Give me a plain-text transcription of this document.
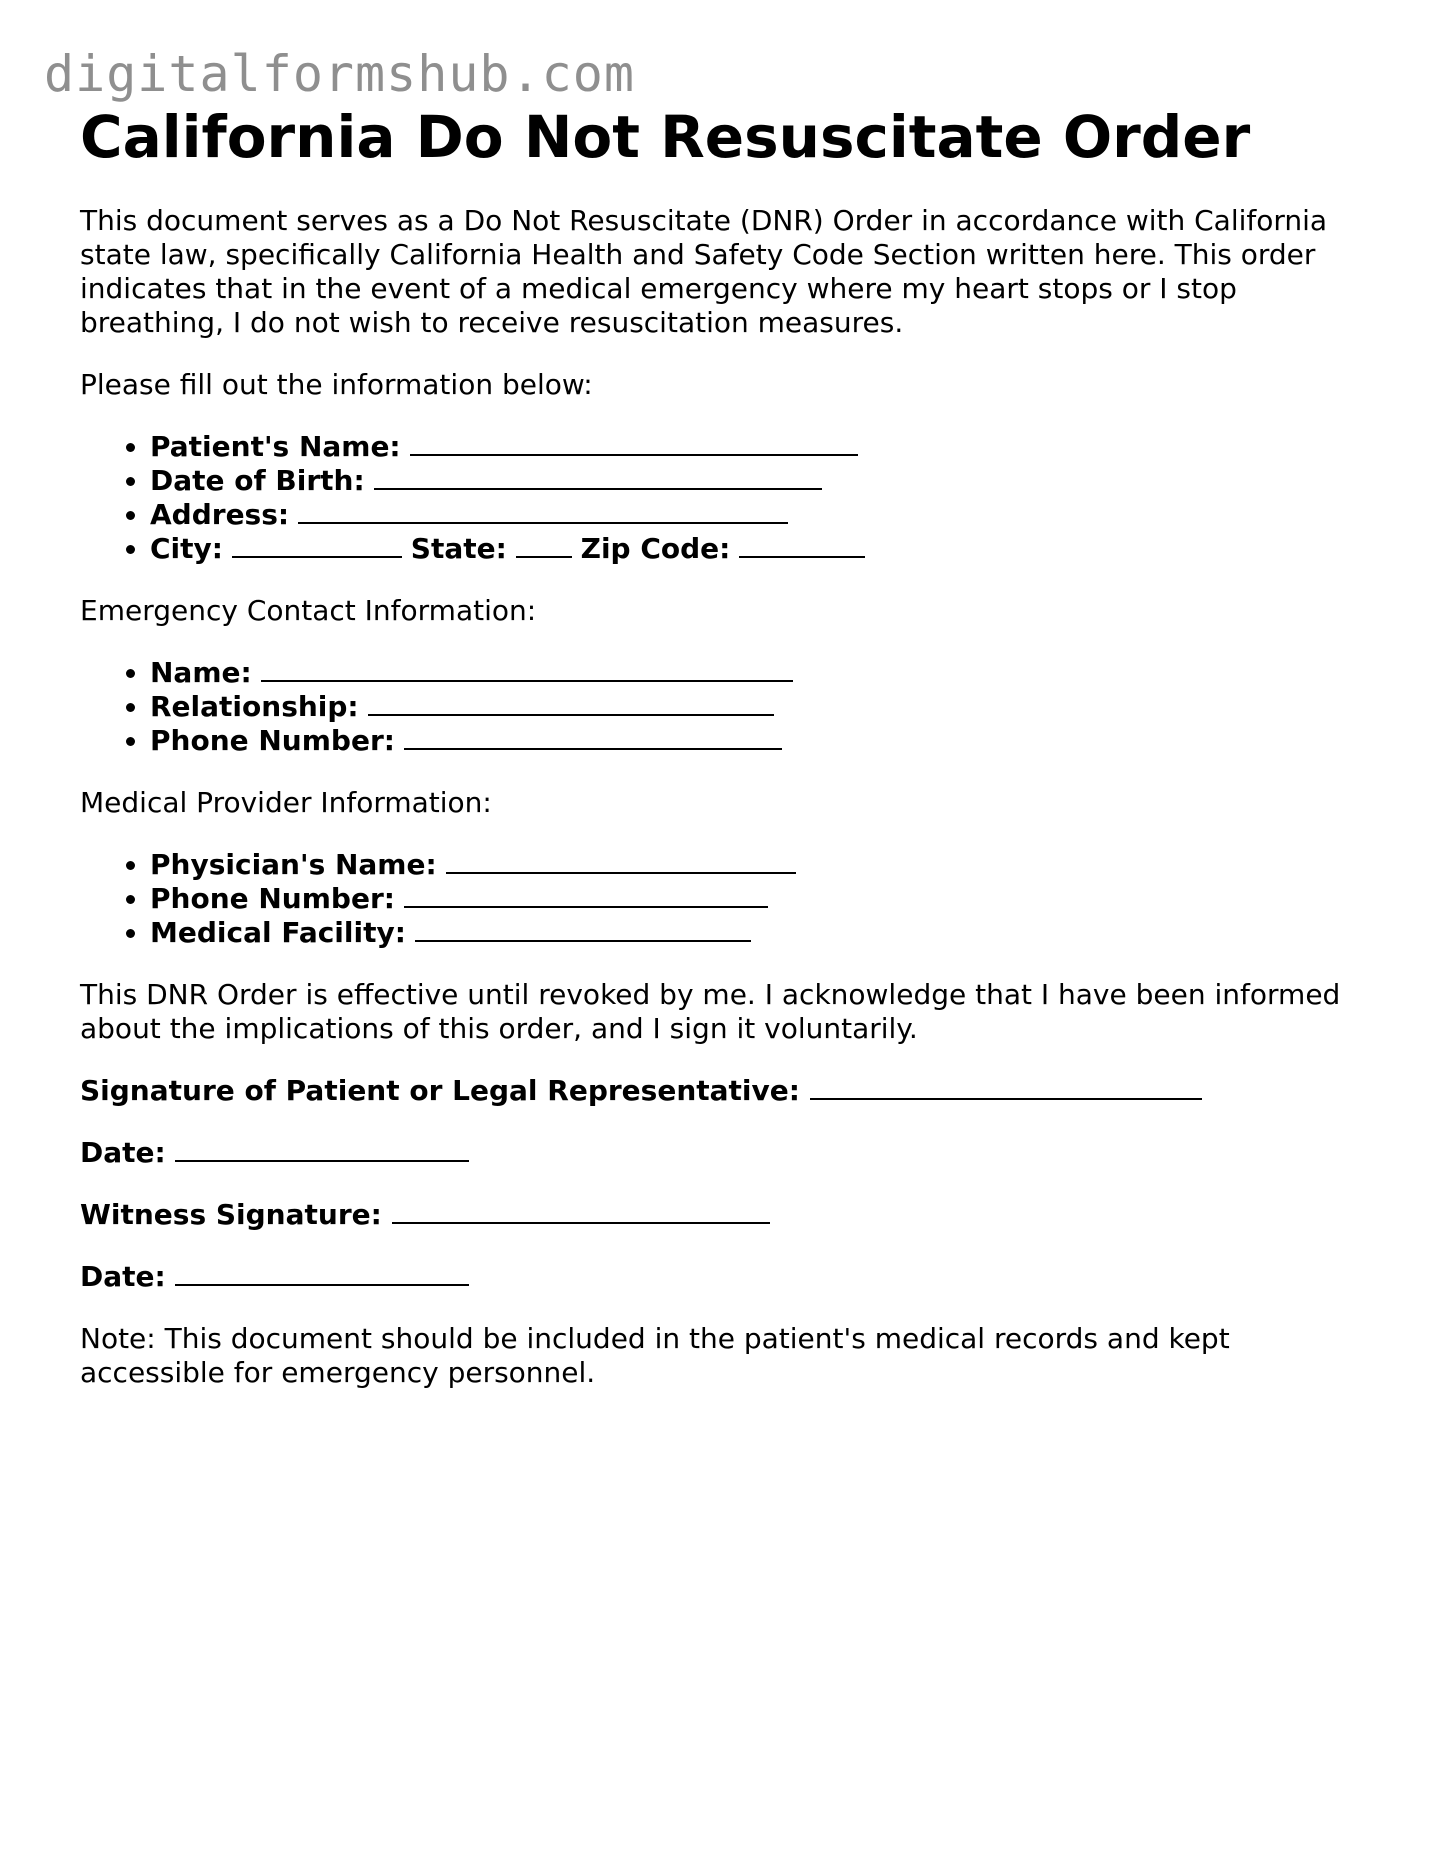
digitalformshub.com
California Do Not Resuscitate Order

This document serves as a Do Not Resuscitate (DNR) Order in accordance with California state law, specifically California Health and Safety Code Section written here. This order indicates that in the event of a medical emergency where my heart stops or I stop breathing, I do not wish to receive resuscitation measures.

Please fill out the information below:

• Patient's Name:
• Date of Birth:
• Address:
• City:	State:	Zip Code:

Emergency Contact Information:

• Name:
• Relationship:
• Phone Number:

Medical Provider Information:

• Physician's Name:
• Phone Number:
• Medical Facility:

This DNR Order is effective until revoked by me. I acknowledge that I have been informed about the implications of this order, and I sign it voluntarily.

Signature of Patient or Legal Representative:
Date:
Witness Signature:
Date:

Note: This document should be included in the patient's medical records and kept accessible for emergency personnel.
